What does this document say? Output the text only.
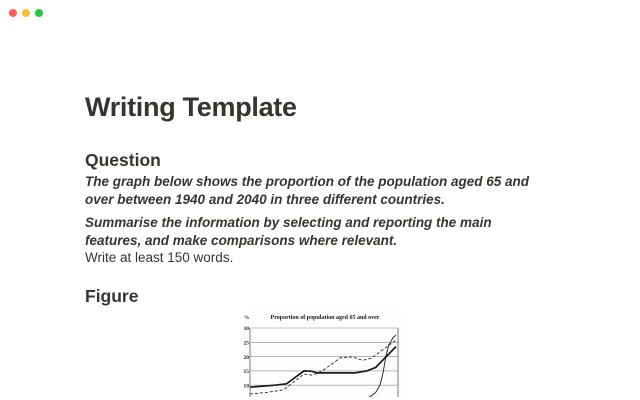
Writing Template
Question

The graph below shows the proportion of the population aged 65 and over between 1940 and 2040 in three different countries.

Summarise the information by selecting and reporting the main features, and make comparisons where relevant.

Write at least 150 words.

Figure
30
25
20
15
10
%	Proportion of population aged 65 and over
